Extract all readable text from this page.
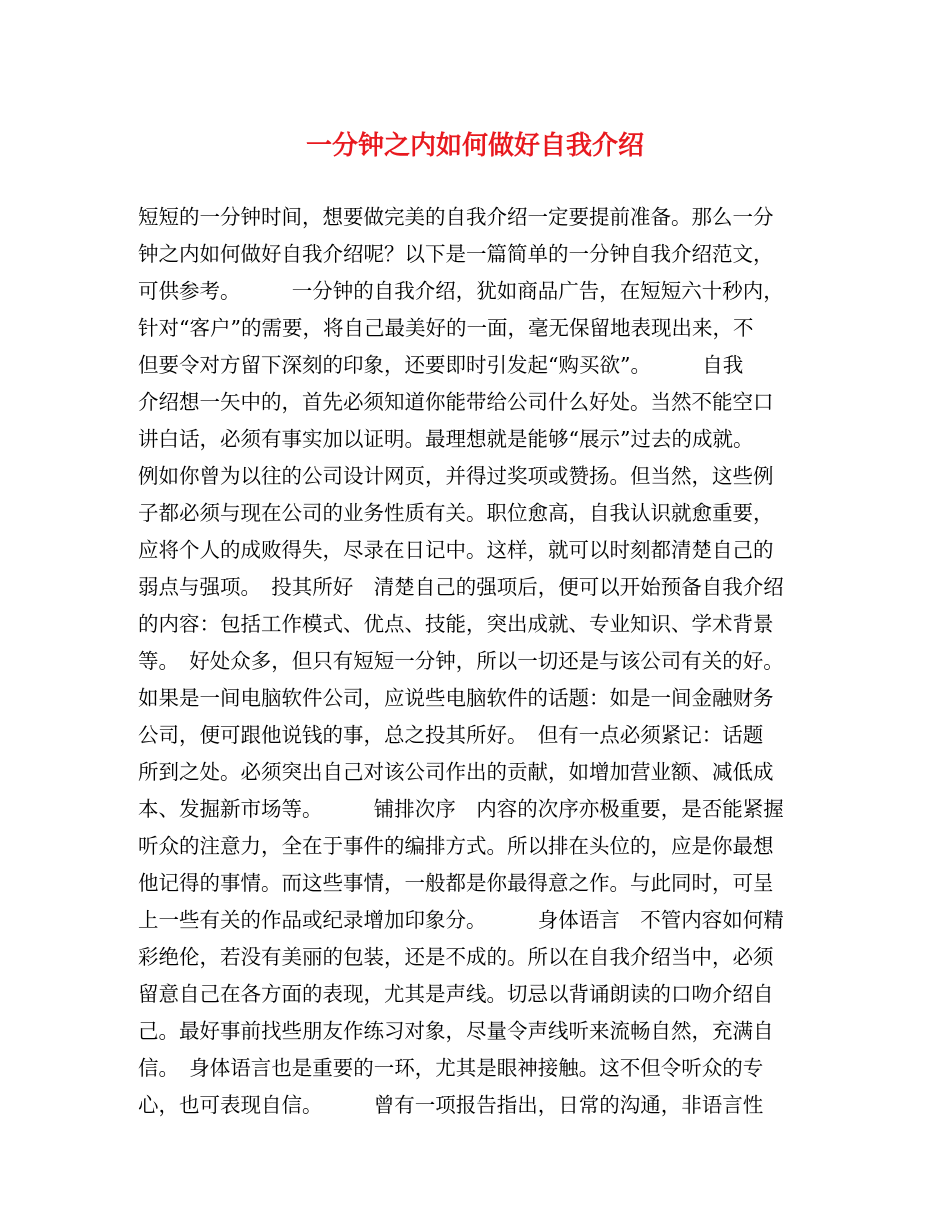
一分钟之内如何做好自我介绍
短短的一分钟时间，想要做完美的自我介绍一定要提前准备。那么一分
钟之内如何做好自我介绍呢？以下是一篇简单的一分钟自我介绍范文，
可供参考。　　　一分钟的自我介绍，犹如商品广告，在短短六十秒内，
针对“客户”的需要，将自己最美好的一面，毫无保留地表现出来，不
但要令对方留下深刻的印象，还要即时引发起“购买欲”。　　　自我
介绍想一矢中的，首先必须知道你能带给公司什么好处。当然不能空口
讲白话，必须有事实加以证明。最理想就是能够“展示”过去的成就。
例如你曾为以往的公司设计网页，并得过奖项或赞扬。但当然，这些例
子都必须与现在公司的业务性质有关。职位愈高，自我认识就愈重要，
应将个人的成败得失，尽录在日记中。这样，就可以时刻都清楚自己的
弱点与强项。　投其所好　清楚自己的强项后，便可以开始预备自我介绍
的内容：包括工作模式、优点、技能，突出成就、专业知识、学术背景
等。　好处众多，但只有短短一分钟，所以一切还是与该公司有关的好。
如果是一间电脑软件公司，应说些电脑软件的话题：如是一间金融财务
公司，便可跟他说钱的事，总之投其所好。　但有一点必须紧记：话题
所到之处。必须突出自己对该公司作出的贡献，如增加营业额、减低成
本、发掘新市场等。　　　铺排次序　内容的次序亦极重要，是否能紧握
听众的注意力，全在于事件的编排方式。所以排在头位的，应是你最想
他记得的事情。而这些事情，一般都是你最得意之作。与此同时，可呈
上一些有关的作品或纪录增加印象分。　　　身体语言　不管内容如何精
彩绝伦，若没有美丽的包装，还是不成的。所以在自我介绍当中，必须
留意自己在各方面的表现，尤其是声线。切忌以背诵朗读的口吻介绍自
己。最好事前找些朋友作练习对象，尽量令声线听来流畅自然，充满自
信。　身体语言也是重要的一环，尤其是眼神接触。这不但令听众的专
心，也可表现自信。　　　曾有一项报告指出，日常的沟通，非语言性
